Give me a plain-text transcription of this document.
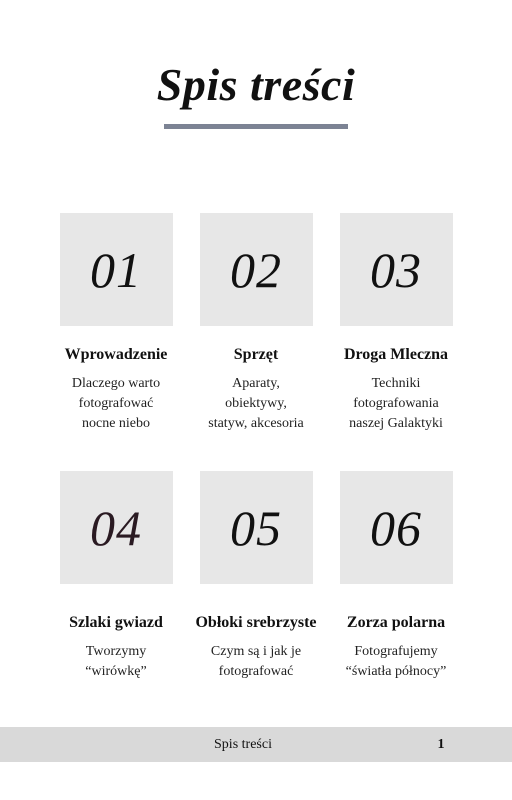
Spis treści
01
Wprowadzenie
Dlaczego warto
fotografować
nocne niebo
02
Sprzęt
Aparaty,
obiektywy,
statyw, akcesoria
03
Droga Mleczna
Techniki
fotografowania
naszej Galaktyki
04
Szlaki gwiazd
Tworzymy
“wirówkę”
05
Obłoki srebrzyste
Czym są i jak je
fotografować
06
Zorza polarna
Fotografujemy
“światła północy”
Spis treści	1
